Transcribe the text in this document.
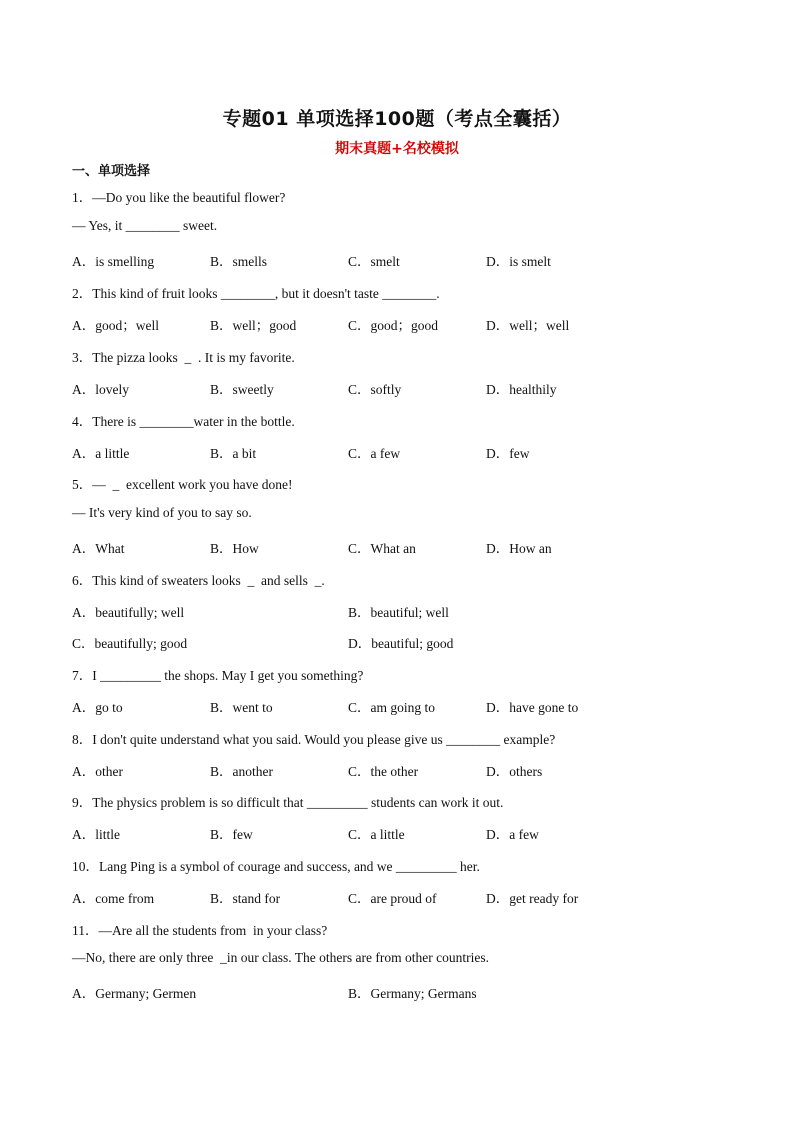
专题01 单项选择100题（考点全囊括）
期末真题+名校模拟
一、单项选择
1．—Do you like the beautiful flower?
— Yes, it ________ sweet.
A．is smelling	B．smells	C．smelt	D．is smelt
2．This kind of fruit looks ________, but it doesn't taste ________.
A．good；well	B．well；good	C．good；good	D．well；well
3．The pizza looks  _  . It is my favorite.
A．lovely	B．sweetly	C．softly	D．healthily
4．There is ________water in the bottle.
A．a little	B．a bit	C．a few	D．few
5．—  _  excellent work you have done!
— It's very kind of you to say so.
A．What	B．How	C．What an	D．How an
6．This kind of sweaters looks  _  and sells  _.
A．beautifully; well	B．beautiful; well
C．beautifully; good	D．beautiful; good
7．I _________ the shops. May I get you something?
A．go to	B．went to	C．am going to	D．have gone to
8．I don't quite understand what you said. Would you please give us ________ example?
A．other	B．another	C．the other	D．others
9．The physics problem is so difficult that _________ students can work it out.
A．little	B．few	C．a little	D．a few
10．Lang Ping is a symbol of courage and success, and we _________ her.
A．come from	B．stand for	C．are proud of	D．get ready for
11．—Are all the students from  in your class?
—No, there are only three  _in our class. The others are from other countries.
A．Germany; Germen	B．Germany; Germans
